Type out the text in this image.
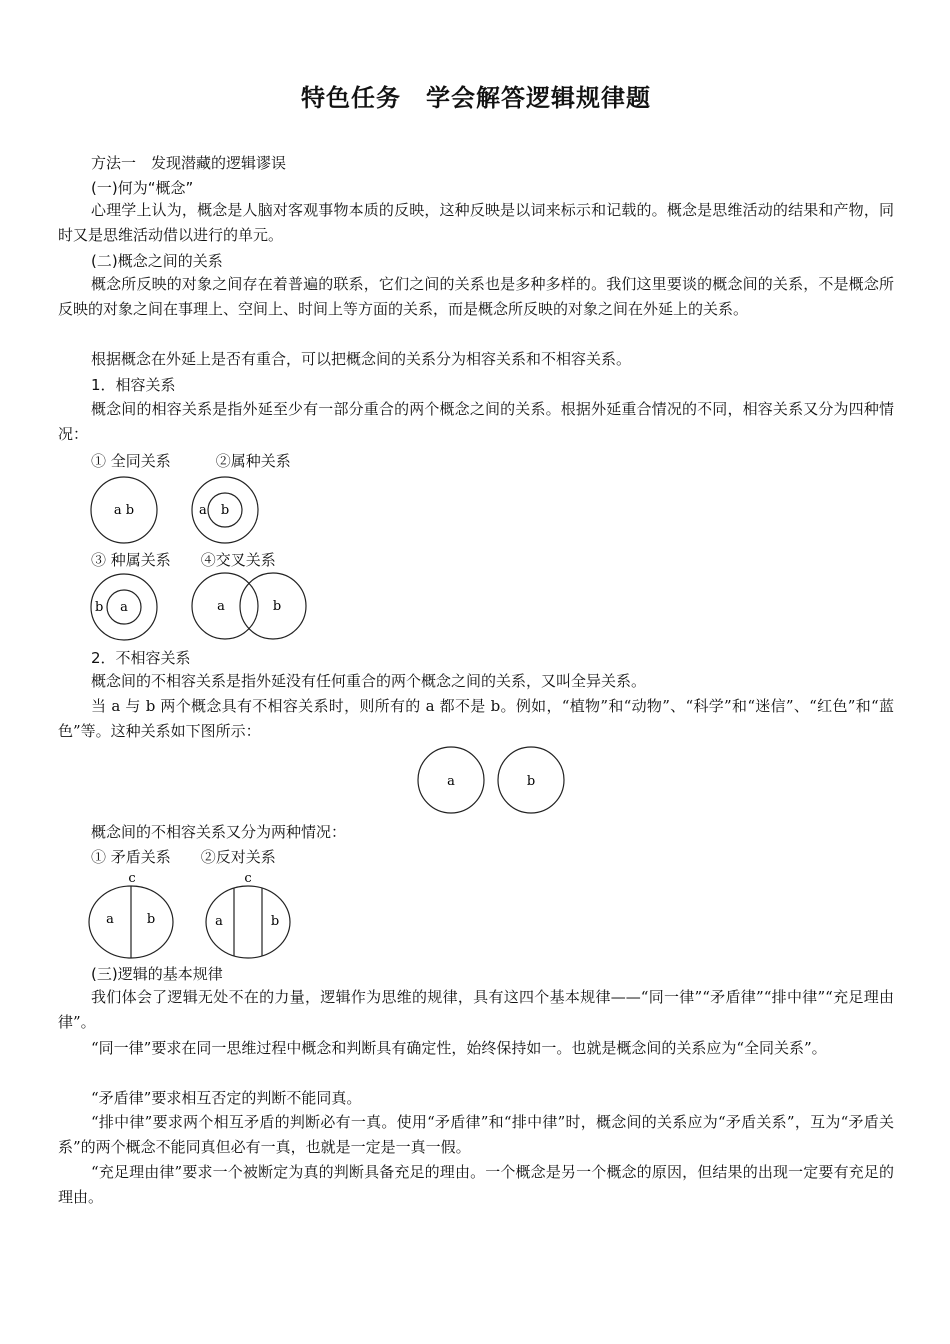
特色任务　学会解答逻辑规律题
方法一　发现潜藏的逻辑谬误
(一)何为“概念”
心理学上认为，概念是人脑对客观事物本质的反映，这种反映是以词来标示和记载的。概念是思维活动的结果和产物，同时又是思维活动借以进行的单元。
(二)概念之间的关系
概念所反映的对象之间存在着普遍的联系，它们之间的关系也是多种多样的。我们这里要谈的概念间的关系，不是概念所反映的对象之间在事理上、空间上、时间上等方面的关系，而是概念所反映的对象之间在外延上的关系。
根据概念在外延上是否有重合，可以把概念间的关系分为相容关系和不相容关系。
1．相容关系
概念间的相容关系是指外延至少有一部分重合的两个概念之间的关系。根据外延重合情况的不同，相容关系又分为四种情况：
① 全同关系　　　②属种关系
a b	a b
③ 种属关系　　④交叉关系
b a	a	b
2．不相容关系
概念间的不相容关系是指外延没有任何重合的两个概念之间的关系，又叫全异关系。
当 a 与 b 两个概念具有不相容关系时，则所有的 a 都不是 b。例如，“植物”和“动物”、“科学”和“迷信”、“红色”和“蓝色”等。这种关系如下图所示：
a	b
概念间的不相容关系又分为两种情况：
① 矛盾关系　　②反对关系
c
a	b
c
a	b
(三)逻辑的基本规律
我们体会了逻辑无处不在的力量，逻辑作为思维的规律，具有这四个基本规律——“同一律”“矛盾律”“排中律”“充足理由律”。
“同一律”要求在同一思维过程中概念和判断具有确定性，始终保持如一。也就是概念间的关系应为“全同关系”。
“矛盾律”要求相互否定的判断不能同真。
“排中律”要求两个相互矛盾的判断必有一真。使用“矛盾律”和“排中律”时，概念间的关系应为“矛盾关系”，互为“矛盾关系”的两个概念不能同真但必有一真，也就是一定是一真一假。
“充足理由律”要求一个被断定为真的判断具备充足的理由。一个概念是另一个概念的原因，但结果的出现一定要有充足的理由。
